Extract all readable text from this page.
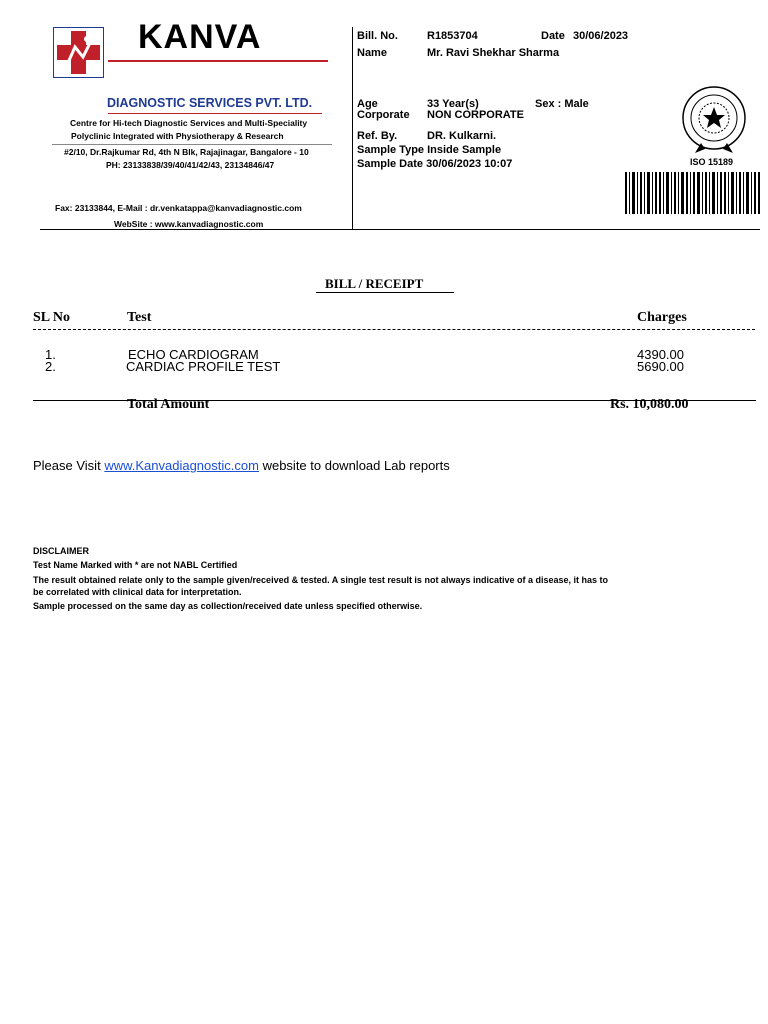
KANVA
DIAGNOSTIC SERVICES PVT. LTD.
Centre for Hi-tech Diagnostic Services and Multi-Speciality
Polyclinic Integrated with Physiotherapy & Research
#2/10, Dr.Rajkumar Rd, 4th N Blk, Rajajinagar, Bangalore - 10
PH: 23133838/39/40/41/42/43, 23134846/47
Fax: 23133844, E-Mail : dr.venkatappa@kanvadiagnostic.com
WebSite : www.kanvadiagnostic.com
Bill. No.	R1853704	Date 30/06/2023
Name	Mr. Ravi Shekhar Sharma
Age	33 Year(s)	Sex : Male
Corporate NON CORPORATE
Ref. By.	DR. Kulkarni.
Sample Type Inside Sample
Sample Date 30/06/2023 10:07	ISO 15189
BILL / RECEIPT
SL No	Test	Charges
1.	ECHO CARDIOGRAM	4390.00
2.	CARDIAC PROFILE TEST	5690.00
Total Amount	Rs. 10,080.00
Please Visit www.Kanvadiagnostic.com website to download Lab reports
DISCLAIMER
Test Name Marked with * are not NABL Certified
The result obtained relate only to the sample given/received & tested. A single test result is not always indicative of a disease, it has to
be correlated with clinical data for interpretation.
Sample processed on the same day as collection/received date unless specified otherwise.
